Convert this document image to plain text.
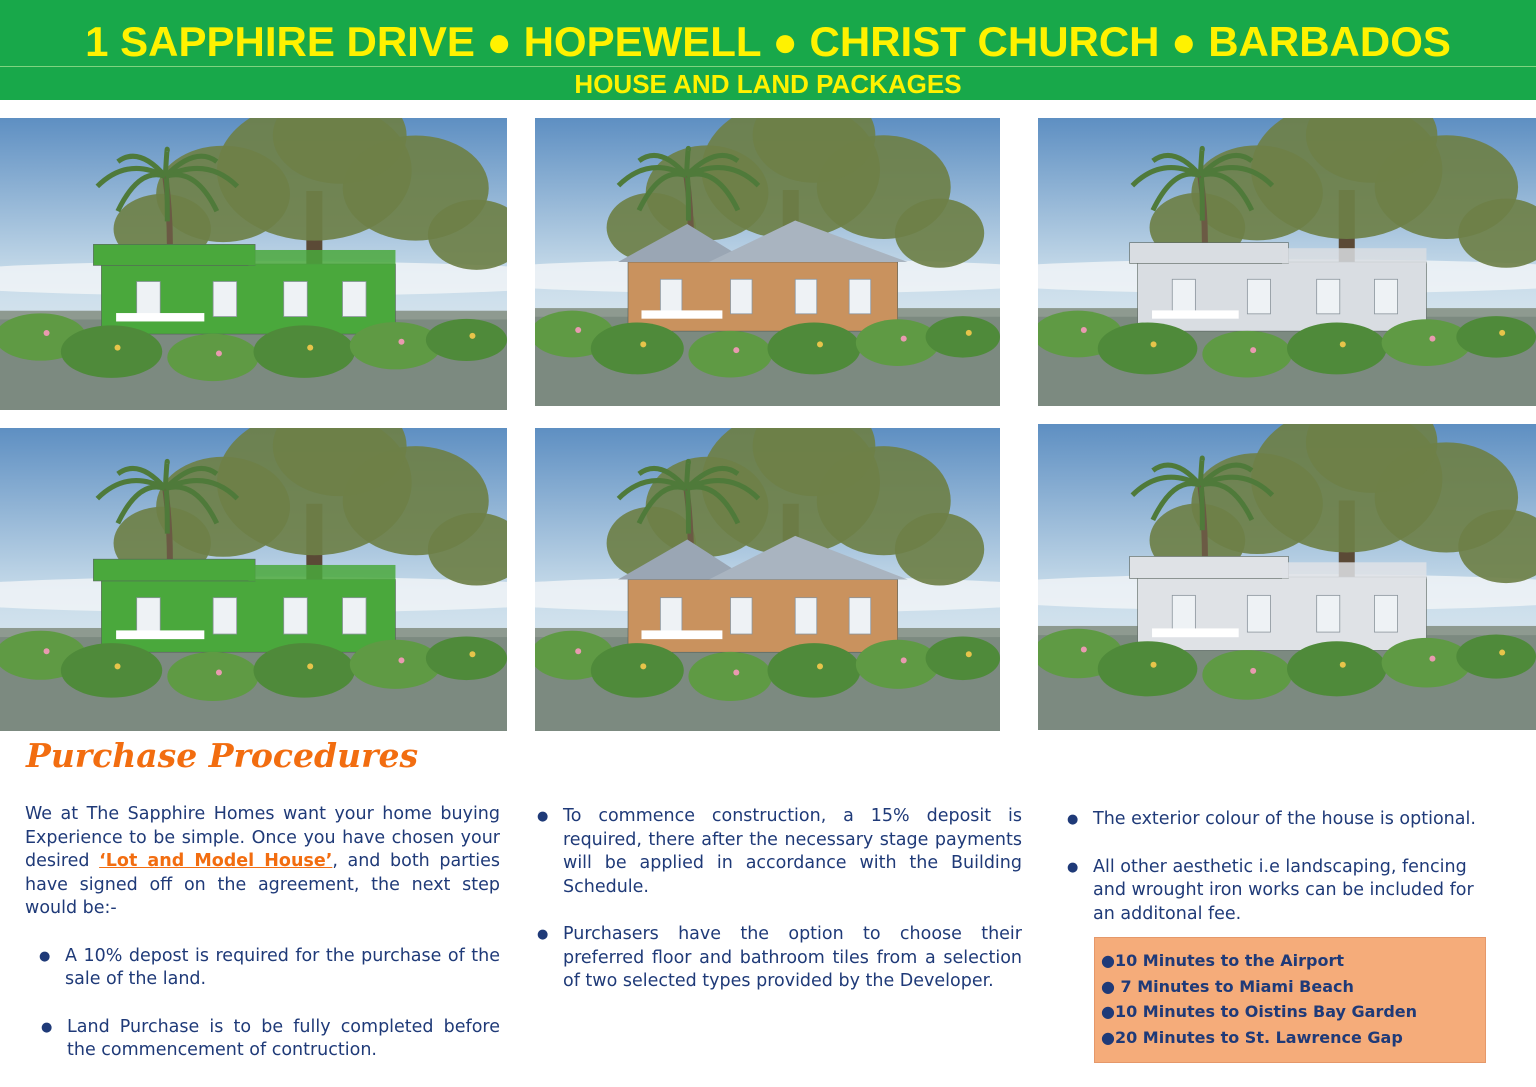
1 SAPPHIRE DRIVE ● HOPEWELL ● CHRIST CHURCH ● BARBADOS
HOUSE AND LAND PACKAGES
Purchase Procedures

We at The Sapphire Homes want your home buying Experience to be simple. Once you have chosen your desired ‘Lot and Model House’, and both parties have signed off on the agreement, the next step would be:-

● A 10% depost is required for the purchase of the sale of the land.

● Land Purchase is to be fully completed before the commencement of contruction.

● To commence construction, a 15% deposit is required, there after the necessary stage payments will be applied in accordance with the Building Schedule.

● Purchasers have the option to choose their preferred floor and bathroom tiles from a selection of two selected types provided by the Developer.

● The exterior colour of the house is optional.

● All other aesthetic i.e landscaping, fencing and wrought iron works can be included for an additonal fee.

●10 Minutes to the Airport
● 7 Minutes to Miami Beach
●10 Minutes to Oistins Bay Garden
●20 Minutes to St. Lawrence Gap
